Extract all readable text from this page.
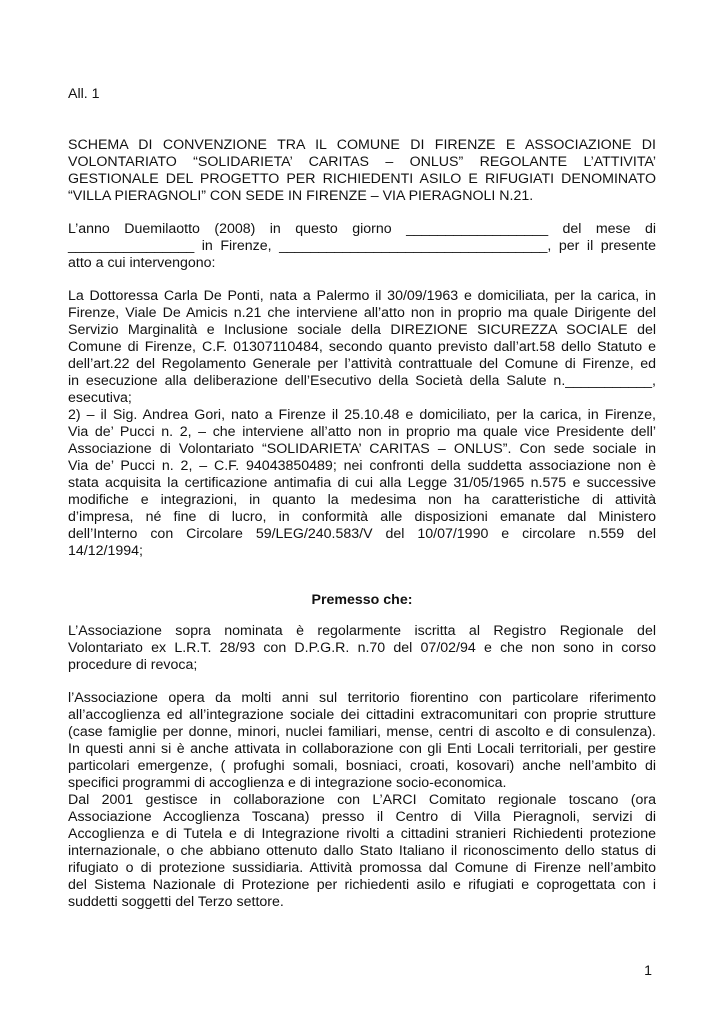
All. 1
SCHEMA DI CONVENZIONE TRA IL COMUNE DI FIRENZE E ASSOCIAZIONE DI
VOLONTARIATO “SOLIDARIETA’ CARITAS – ONLUS” REGOLANTE L’ATTIVITA’
GESTIONALE DEL PROGETTO PER RICHIEDENTI ASILO E RIFUGIATI DENOMINATO
“VILLA PIERAGNOLI” CON SEDE IN FIRENZE – VIA PIERAGNOLI N.21.
L’anno Duemilaotto (2008) in questo giorno __________________ del mese di
________________ in Firenze, __________________________________, per il presente
atto a cui intervengono:
La Dottoressa Carla De Ponti, nata a Palermo il 30/09/1963 e domiciliata, per la carica, in
Firenze, Viale De Amicis n.21 che interviene all’atto non in proprio ma quale Dirigente del
Servizio Marginalità e Inclusione sociale della DIREZIONE SICUREZZA SOCIALE del
Comune di Firenze, C.F. 01307110484, secondo quanto previsto dall’art.58 dello Statuto e
dell’art.22 del Regolamento Generale per l’attività contrattuale del Comune di Firenze, ed
in esecuzione alla deliberazione dell’Esecutivo della Società della Salute n.___________,
esecutiva;
2) – il Sig. Andrea Gori, nato a Firenze il 25.10.48 e domiciliato, per la carica, in Firenze,
Via de’ Pucci n. 2, – che interviene all’atto non in proprio ma quale vice Presidente dell’
Associazione di Volontariato “SOLIDARIETA’ CARITAS – ONLUS”. Con sede sociale in
Via de’ Pucci n. 2, – C.F. 94043850489; nei confronti della suddetta associazione non è
stata acquisita la certificazione antimafia di cui alla Legge 31/05/1965 n.575 e successive
modifiche e integrazioni, in quanto la medesima non ha caratteristiche di attività
d’impresa, né fine di lucro, in conformità alle disposizioni emanate dal Ministero
dell’Interno con Circolare 59/LEG/240.583/V del 10/07/1990 e circolare n.559 del
14/12/1994;
Premesso che:
L’Associazione sopra nominata è regolarmente iscritta al Registro Regionale del
Volontariato ex L.R.T. 28/93 con D.P.G.R. n.70 del 07/02/94 e che non sono in corso
procedure di revoca;
l’Associazione opera da molti anni sul territorio fiorentino con particolare riferimento
all’accoglienza ed all’integrazione sociale dei cittadini extracomunitari con proprie strutture
(case famiglie per donne, minori, nuclei familiari, mense, centri di ascolto e di consulenza).
In questi anni si è anche attivata in collaborazione con gli Enti Locali territoriali, per gestire
particolari emergenze, ( profughi somali, bosniaci, croati, kosovari) anche nell’ambito di
specifici programmi di accoglienza e di integrazione socio-economica.
Dal 2001 gestisce in collaborazione con L’ARCI Comitato regionale toscano (ora
Associazione Accoglienza Toscana) presso il Centro di Villa Pieragnoli, servizi di
Accoglienza e di Tutela e di Integrazione rivolti a cittadini stranieri Richiedenti protezione
internazionale, o che abbiano ottenuto dallo Stato Italiano il riconoscimento dello status di
rifugiato o di protezione sussidiaria. Attività promossa dal Comune di Firenze nell’ambito
del Sistema Nazionale di Protezione per richiedenti asilo e rifugiati e coprogettata con i
suddetti soggetti del Terzo settore.
1
